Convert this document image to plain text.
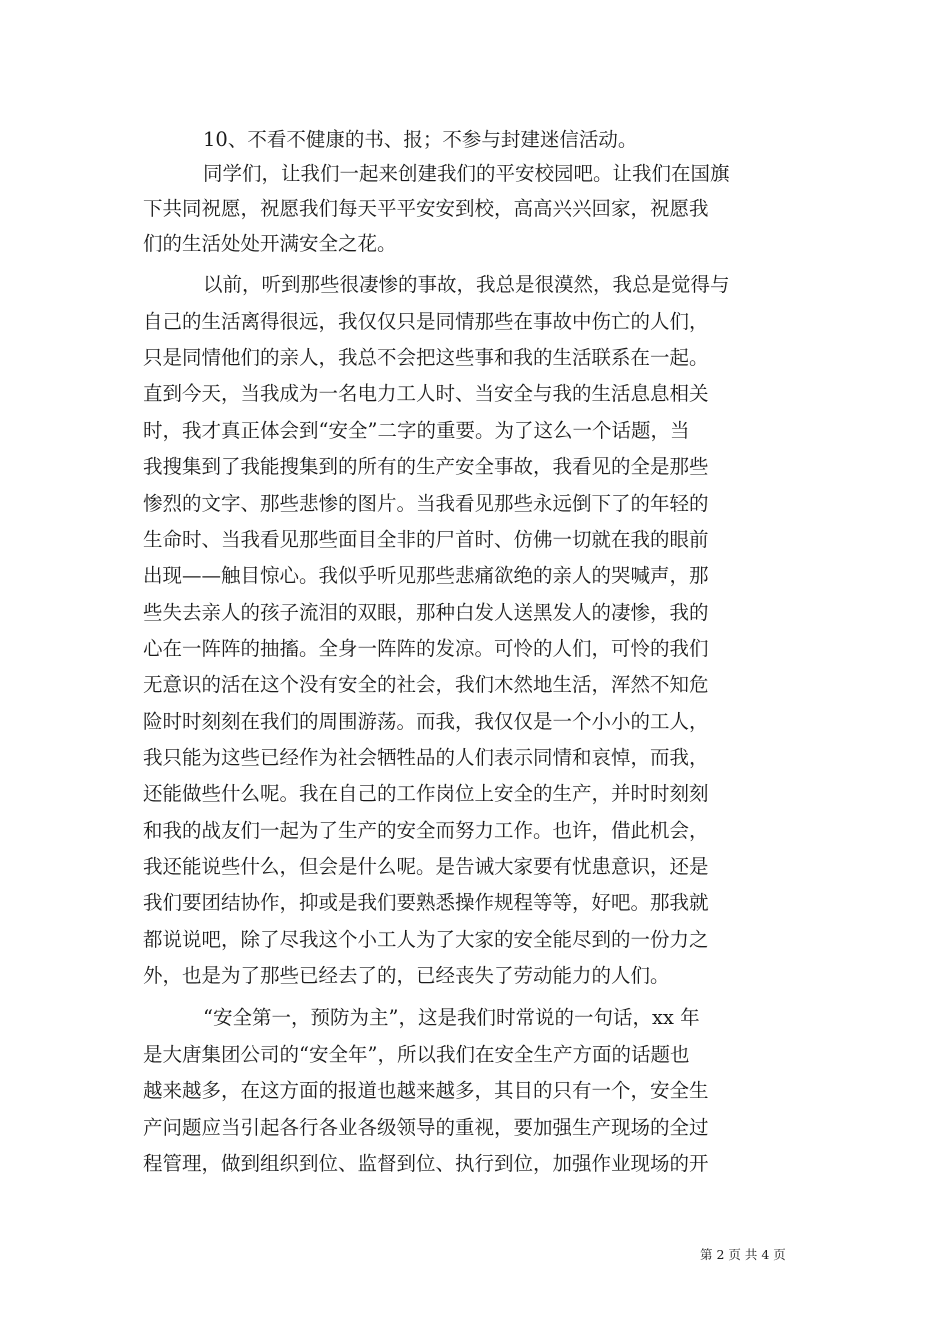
10、不看不健康的书、报；不参与封建迷信活动。
同学们，让我们一起来创建我们的平安校园吧。让我们在国旗
下共同祝愿，祝愿我们每天平平安安到校，高高兴兴回家，祝愿我
们的生活处处开满安全之花。
以前，听到那些很凄惨的事故，我总是很漠然，我总是觉得与
自己的生活离得很远，我仅仅只是同情那些在事故中伤亡的人们，
只是同情他们的亲人，我总不会把这些事和我的生活联系在一起。
直到今天，当我成为一名电力工人时、当安全与我的生活息息相关
时，我才真正体会到“安全”二字的重要。为了这么一个话题，当
我搜集到了我能搜集到的所有的生产安全事故，我看见的全是那些
惨烈的文字、那些悲惨的图片。当我看见那些永远倒下了的年轻的
生命时、当我看见那些面目全非的尸首时、仿佛一切就在我的眼前
出现——触目惊心。我似乎听见那些悲痛欲绝的亲人的哭喊声，那
些失去亲人的孩子流泪的双眼，那种白发人送黑发人的凄惨，我的
心在一阵阵的抽搐。全身一阵阵的发凉。可怜的人们，可怜的我们
无意识的活在这个没有安全的社会，我们木然地生活，浑然不知危
险时时刻刻在我们的周围游荡。而我，我仅仅是一个小小的工人，
我只能为这些已经作为社会牺牲品的人们表示同情和哀悼，而我，
还能做些什么呢。我在自己的工作岗位上安全的生产，并时时刻刻
和我的战友们一起为了生产的安全而努力工作。也许，借此机会，
我还能说些什么，但会是什么呢。是告诫大家要有忧患意识，还是
我们要团结协作，抑或是我们要熟悉操作规程等等，好吧。那我就
都说说吧，除了尽我这个小工人为了大家的安全能尽到的一份力之
外，也是为了那些已经去了的，已经丧失了劳动能力的人们。
“安全第一，预防为主”，这是我们时常说的一句话，xx 年
是大唐集团公司的“安全年”，所以我们在安全生产方面的话题也
越来越多，在这方面的报道也越来越多，其目的只有一个，安全生
产问题应当引起各行各业各级领导的重视，要加强生产现场的全过
程管理，做到组织到位、监督到位、执行到位，加强作业现场的开
第 2 页 共 4 页
